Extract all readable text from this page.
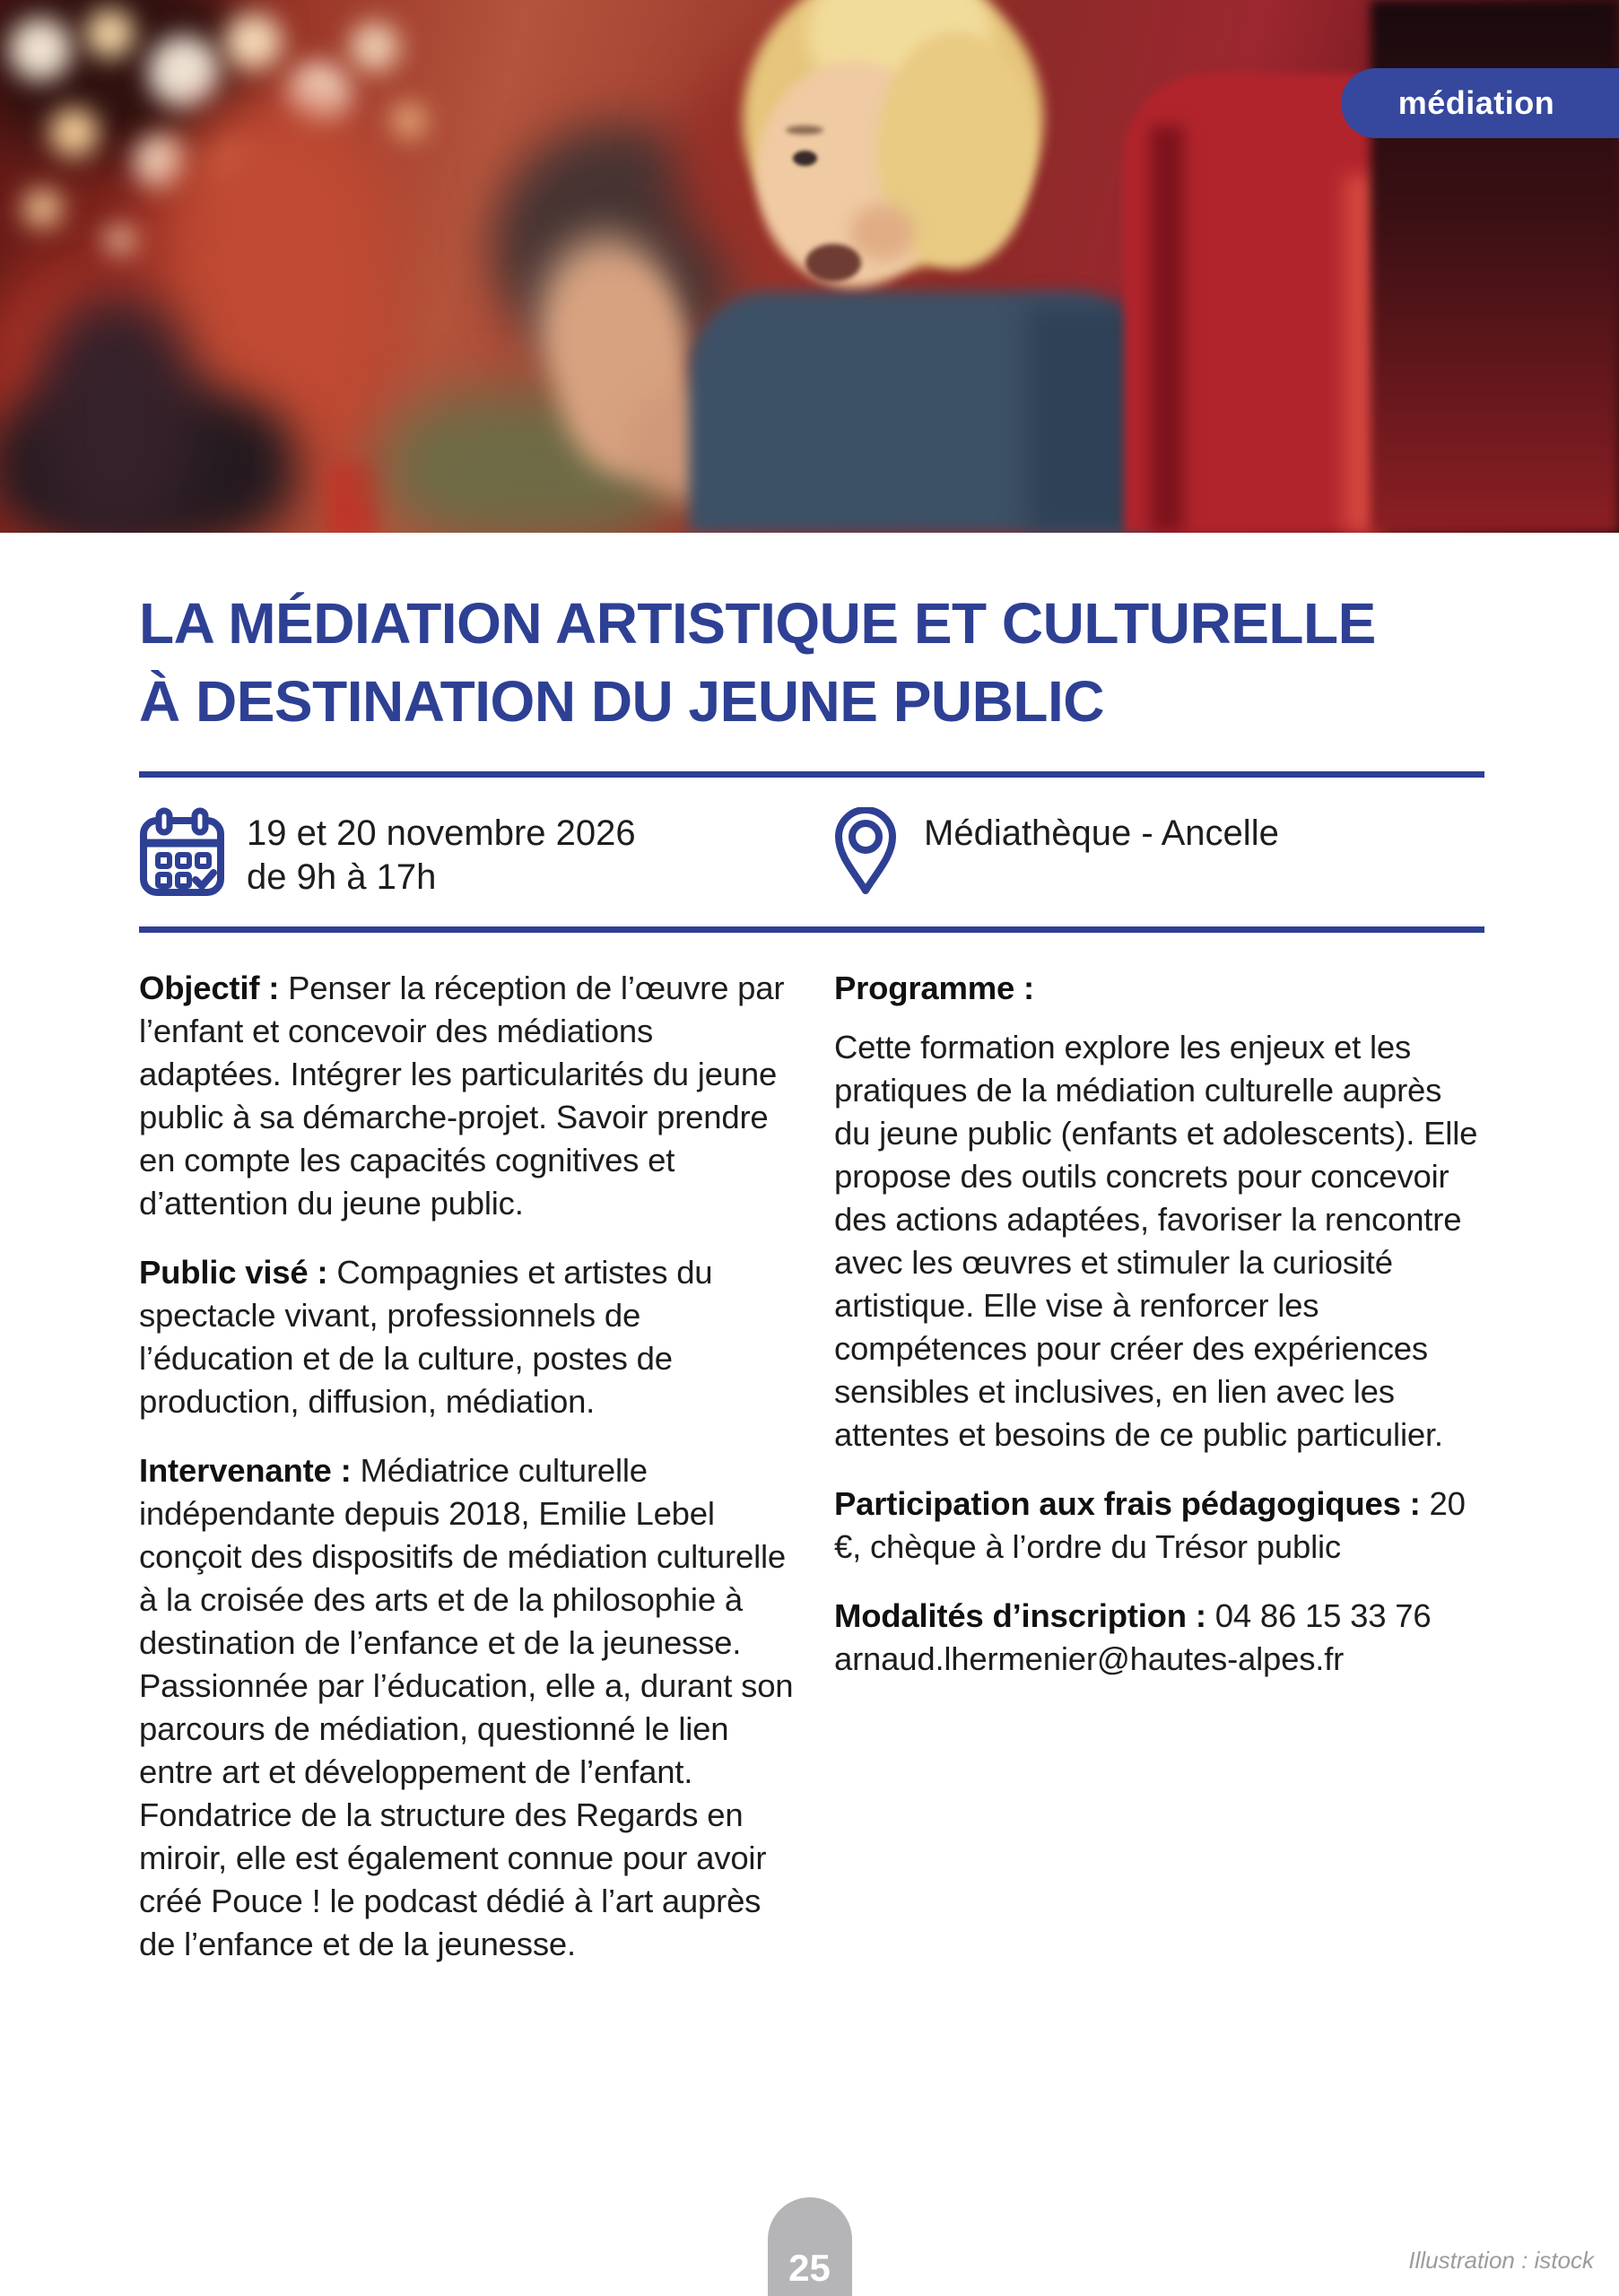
médiation
LA MÉDIATION ARTISTIQUE ET CULTURELLE À DESTINATION DU JEUNE PUBLIC
19 et 20 novembre 2026
de 9h à 17h
Médiathèque - Ancelle

Objectif : Penser la réception de l’œuvre par l’enfant et concevoir des médiations adaptées. Intégrer les particularités du jeune public à sa démarche-projet. Savoir prendre en compte les capacités cognitives et d’attention du jeune public.

Public visé : Compagnies et artistes du spectacle vivant, professionnels de l’éducation et de la culture, postes de production, diffusion, médiation.

Intervenante : Médiatrice culturelle indépendante depuis 2018, Emilie Lebel conçoit des dispositifs de médiation culturelle à la croisée des arts et de la philosophie à destination de l’enfance et de la jeunesse. Passionnée par l’éducation, elle a, durant son parcours de médiation, questionné le lien entre art et développement de l’enfant. Fondatrice de la structure des Regards en miroir, elle est également connue pour avoir créé Pouce ! le podcast dédié à l’art auprès de l’enfance et de la jeunesse.

Programme :

Cette formation explore les enjeux et les pratiques de la médiation culturelle auprès du jeune public (enfants et adolescents). Elle propose des outils concrets pour concevoir des actions adaptées, favoriser la rencontre avec les œuvres et stimuler la curiosité artistique. Elle vise à renforcer les compétences pour créer des expériences sensibles et inclusives, en lien avec les attentes et besoins de ce public particulier.

Participation aux frais pédagogiques : 20 €, chèque à l’ordre du Trésor public

Modalités d’inscription : 04 86 15 33 76
arnaud.lhermenier@hautes-alpes.fr

25	Illustration : istock
